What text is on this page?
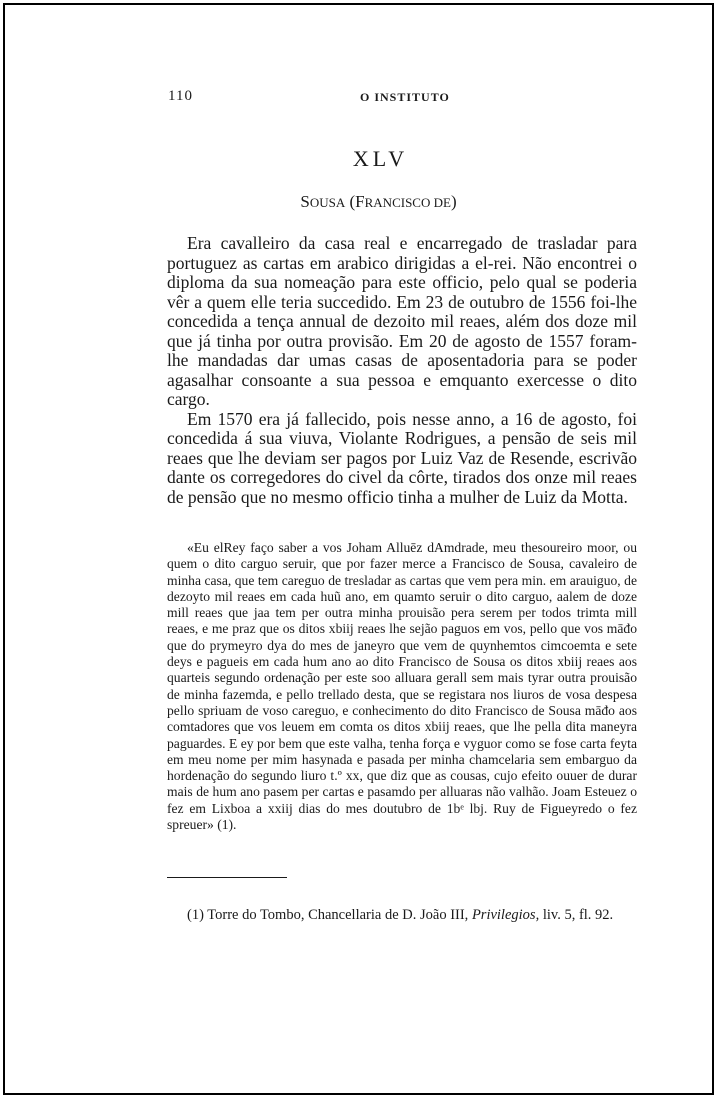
110	O INSTITUTO
XLV
SOUSA (FRANCISCO DE)

Era cavalleiro da casa real e encarregado de trasladar para portuguez as cartas em arabico dirigidas a el-rei. Não encontrei o diploma da sua nomeação para este officio, pelo qual se poderia vêr a quem elle teria succedido. Em 23 de outubro de 1556 foi-lhe concedida a tença annual de dezoito mil reaes, além dos doze mil que já tinha por outra provisão. Em 20 de agosto de 1557 foram-lhe mandadas dar umas casas de aposentadoria para se poder agasalhar consoante a sua pessoa e emquanto exercesse o dito cargo.

Em 1570 era já fallecido, pois nesse anno, a 16 de agosto, foi concedida á sua viuva, Violante Rodrigues, a pensão de seis mil reaes que lhe deviam ser pagos por Luiz Vaz de Resende, escrivão dante os corregedores do civel da côrte, tirados dos onze mil reaes de pensão que no mesmo officio tinha a mulher de Luiz da Motta.

«Eu elRey faço saber a vos Joham Alluēz dAmdrade, meu thesoureiro moor, ou quem o dito carguo seruir, que por fazer merce a Francisco de Sousa, cavaleiro de minha casa, que tem careguo de tresladar as cartas que vem pera min. em arauiguo, de dezoyto mil reaes em cada huũ ano, em quamto seruir o dito carguo, aalem de doze mill reaes que jaa tem per outra minha prouisão pera serem per todos trimta mill reaes, e me praz que os ditos xbiij reaes lhe sejão paguos em vos, pello que vos māđo que do prymeyro dya do mes de janeyro que vem de quynhemtos cimcoemta e sete deys e pagueis em cada hum ano ao dito Francisco de Sousa os ditos xbiij reaes aos quarteis segundo ordenação per este soo alluara gerall sem mais tyrar outra prouisão de minha fazemda, e pello trellado desta, que se registara nos liuros de vosa despesa pello spriuam de voso careguo, e conhecimento do dito Francisco de Sousa māđo aos comtadores que vos leuem em comta os ditos xbiij reaes, que lhe pella dita maneyra paguardes. E ey por bem que este valha, tenha força e vyguor como se fose carta feyta em meu nome per mim hasynada e pasada per minha chamcelaria sem embarguo da hordenação do segundo liuro t.º xx, que diz que as cousas, cujo efeito ouuer de durar mais de hum ano pasem per cartas e pasamdo per alluaras não valhão. Joam Esteuez o fez em Lixboa a xxiij dias do mes doutubro de 1bᵉ lbj. Ruy de Figueyredo o fez spreuer» (1).
(1) Torre do Tombo, Chancellaria de D. João III, Privilegios, liv. 5, fl. 92.
